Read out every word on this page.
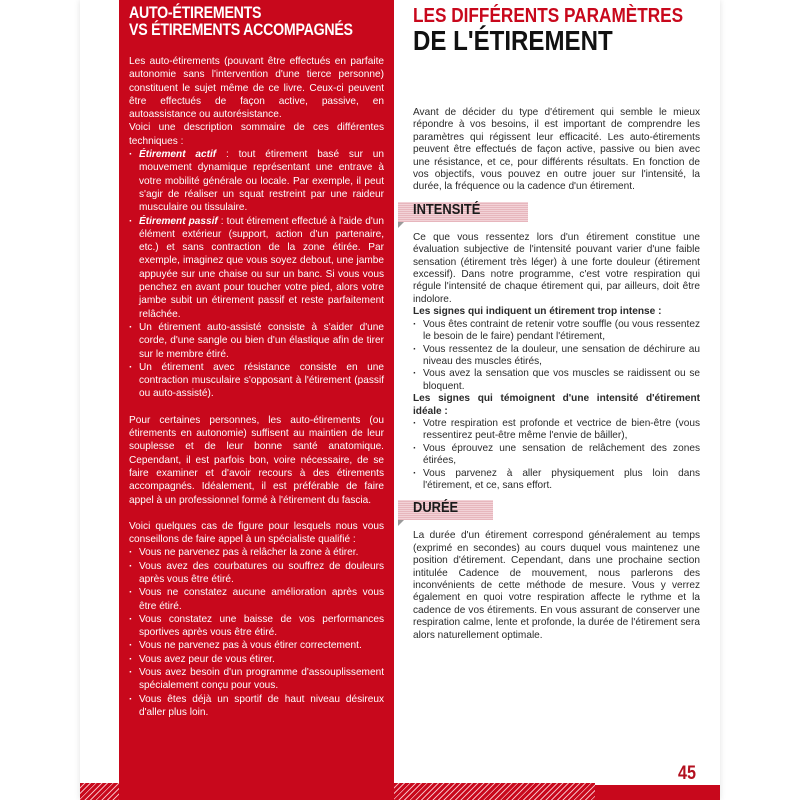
AUTO-ÉTIREMENTS
VS ÉTIREMENTS ACCOMPAGNÉS

Les auto-étirements (pouvant être effectués en parfaite autonomie sans l'intervention d'une tierce personne) constituent le sujet même de ce livre. Ceux-ci peuvent être effectués de façon active, passive, en autoassistance ou autorésistance.

Voici une description sommaire de ces différentes techniques :

· Étirement actif : tout étirement basé sur un mouvement dynamique représentant une entrave à votre mobilité générale ou locale. Par exemple, il peut s'agir de réaliser un squat restreint par une raideur musculaire ou tissulaire.
· Étirement passif : tout étirement effectué à l'aide d'un élément extérieur (support, action d'un partenaire, etc.) et sans contraction de la zone étirée. Par exemple, imaginez que vous soyez debout, une jambe appuyée sur une chaise ou sur un banc. Si vous vous penchez en avant pour toucher votre pied, alors votre jambe subit un étirement passif et reste parfaitement relâchée.
· Un étirement auto-assisté consiste à s'aider d'une corde, d'une sangle ou bien d'un élastique afin de tirer sur le membre étiré.
· Un étirement avec résistance consiste en une contraction musculaire s'opposant à l'étirement (passif ou auto-assisté).

Pour certaines personnes, les auto-étirements (ou étirements en autonomie) suffisent au maintien de leur souplesse et de leur bonne santé anatomique. Cependant, il est parfois bon, voire nécessaire, de se faire examiner et d'avoir recours à des étirements accompagnés. Idéalement, il est préférable de faire appel à un professionnel formé à l'étirement du fascia.

Voici quelques cas de figure pour lesquels nous vous conseillons de faire appel à un spécialiste qualifié :

· Vous ne parvenez pas à relâcher la zone à étirer.
· Vous avez des courbatures ou souffrez de douleurs après vous être étiré.
· Vous ne constatez aucune amélioration après vous être étiré.
· Vous constatez une baisse de vos performances sportives après vous être étiré.
· Vous ne parvenez pas à vous étirer correctement.
· Vous avez peur de vous étirer.
· Vous avez besoin d'un programme d'assouplissement spécialement conçu pour vous.
· Vous êtes déjà un sportif de haut niveau désireux d'aller plus loin.
LES DIFFÉRENTS PARAMÈTRES
DE L'ÉTIREMENT

Avant de décider du type d'étirement qui semble le mieux répondre à vos besoins, il est important de comprendre les paramètres qui régissent leur efficacité. Les auto-étirements peuvent être effectués de façon active, passive ou bien avec une résistance, et ce, pour différents résultats. En fonction de vos objectifs, vous pouvez en outre jouer sur l'intensité, la durée, la fréquence ou la cadence d'un étirement.

INTENSITÉ

Ce que vous ressentez lors d'un étirement constitue une évaluation subjective de l'intensité pouvant varier d'une faible sensation (étirement très léger) à une forte douleur (étirement excessif). Dans notre programme, c'est votre respiration qui régule l'intensité de chaque étirement qui, par ailleurs, doit être indolore.

Les signes qui indiquent un étirement trop intense :

· Vous êtes contraint de retenir votre souffle (ou vous ressentez le besoin de le faire) pendant l'étirement,
· Vous ressentez de la douleur, une sensation de déchirure au niveau des muscles étirés,
· Vous avez la sensation que vos muscles se raidissent ou se bloquent.

Les signes qui témoignent d'une intensité d'étirement idéale :

· Votre respiration est profonde et vectrice de bien-être (vous ressentirez peut-être même l'envie de bâiller),
· Vous éprouvez une sensation de relâchement des zones étirées,
· Vous parvenez à aller physiquement plus loin dans l'étirement, et ce, sans effort.
DURÉE

La durée d'un étirement correspond généralement au temps (exprimé en secondes) au cours duquel vous maintenez une position d'étirement. Cependant, dans une prochaine section intitulée Cadence de mouvement, nous parlerons des inconvénients de cette méthode de mesure. Vous y verrez également en quoi votre respiration affecte le rythme et la cadence de vos étirements. En vous assurant de conserver une respiration calme, lente et profonde, la durée de l'étirement sera alors naturellement optimale.

45
